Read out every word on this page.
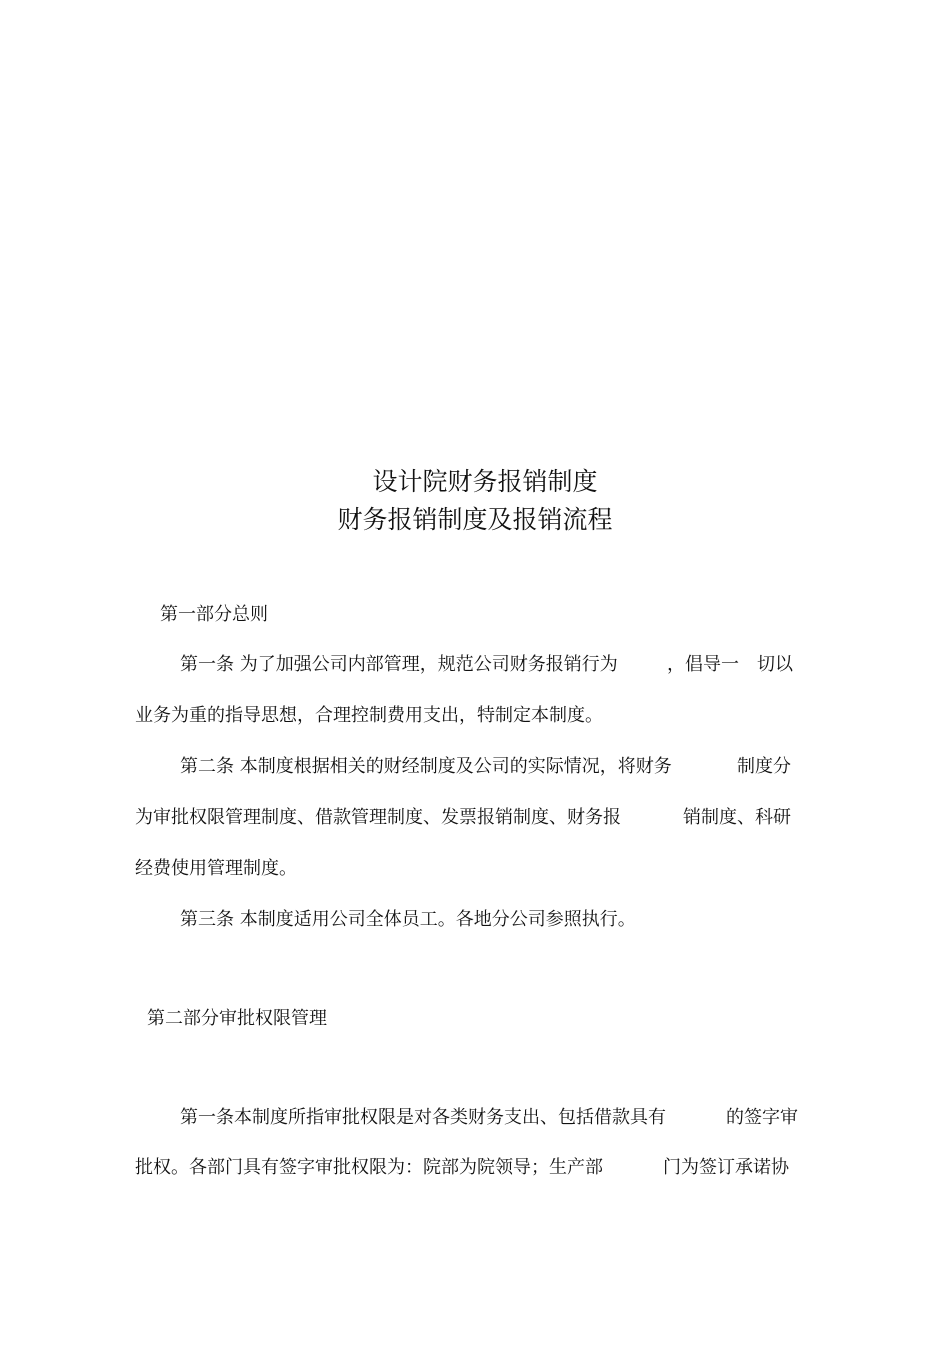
设计院财务报销制度
财务报销制度及报销流程
第一部分总则
第一条 为了加强公司内部管理，规范公司财务报销行为	，倡导一 切以
业务为重的指导思想，合理控制费用支出，特制定本制度。
第二条 本制度根据相关的财经制度及公司的实际情况，将财务	制度分
为审批权限管理制度、借款管理制度、发票报销制度、财务报	销制度、科研
经费使用管理制度。
第三条 本制度适用公司全体员工。各地分公司参照执行。
第二部分审批权限管理
第一条本制度所指审批权限是对各类财务支出、包括借款具有	的签字审
批权。各部门具有签字审批权限为：院部为院领导；生产部	门为签订承诺协
